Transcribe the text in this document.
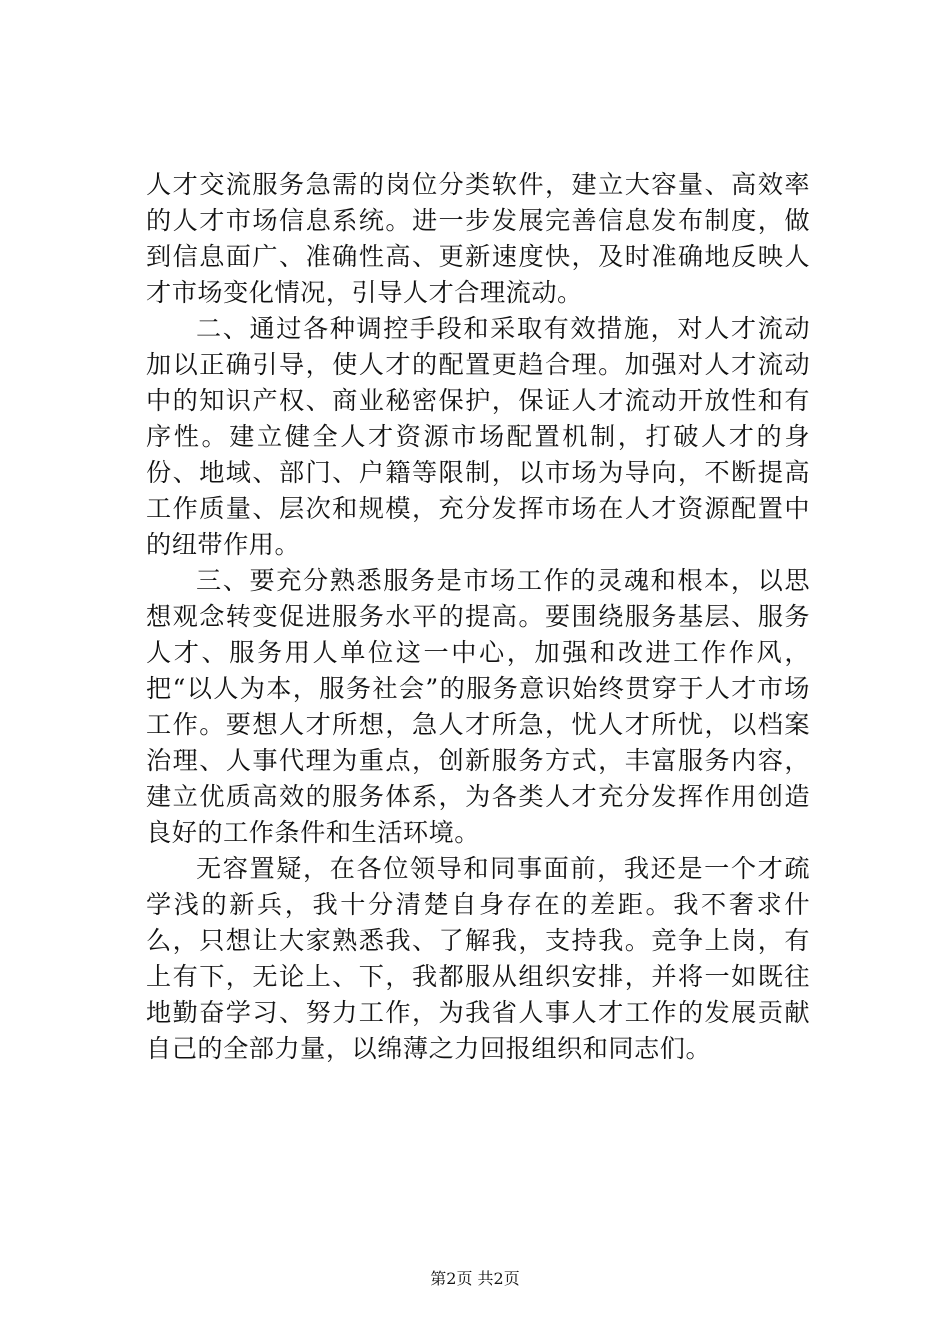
人才交流服务急需的岗位分类软件，建立大容量、高效率的人才市场信息系统。进一步发展完善信息发布制度，做到信息面广、准确性高、更新速度快，及时准确地反映人才市场变化情况，引导人才合理流动。

二、通过各种调控手段和采取有效措施，对人才流动加以正确引导，使人才的配置更趋合理。加强对人才流动中的知识产权、商业秘密保护，保证人才流动开放性和有序性。建立健全人才资源市场配置机制，打破人才的身份、地域、部门、户籍等限制，以市场为导向，不断提高工作质量、层次和规模，充分发挥市场在人才资源配置中的纽带作用。

三、要充分熟悉服务是市场工作的灵魂和根本，以思想观念转变促进服务水平的提高。要围绕服务基层、服务人才、服务用人单位这一中心，加强和改进工作作风，把“以人为本，服务社会”的服务意识始终贯穿于人才市场工作。要想人才所想，急人才所急，忧人才所忧，以档案治理、人事代理为重点，创新服务方式，丰富服务内容，建立优质高效的服务体系，为各类人才充分发挥作用创造良好的工作条件和生活环境。

无容置疑，在各位领导和同事面前，我还是一个才疏学浅的新兵，我十分清楚自身存在的差距。我不奢求什么，只想让大家熟悉我、了解我，支持我。竞争上岗，有上有下，无论上、下，我都服从组织安排，并将一如既往地勤奋学习、努力工作，为我省人事人才工作的发展贡献自己的全部力量，以绵薄之力回报组织和同志们。

第2页 共2页
